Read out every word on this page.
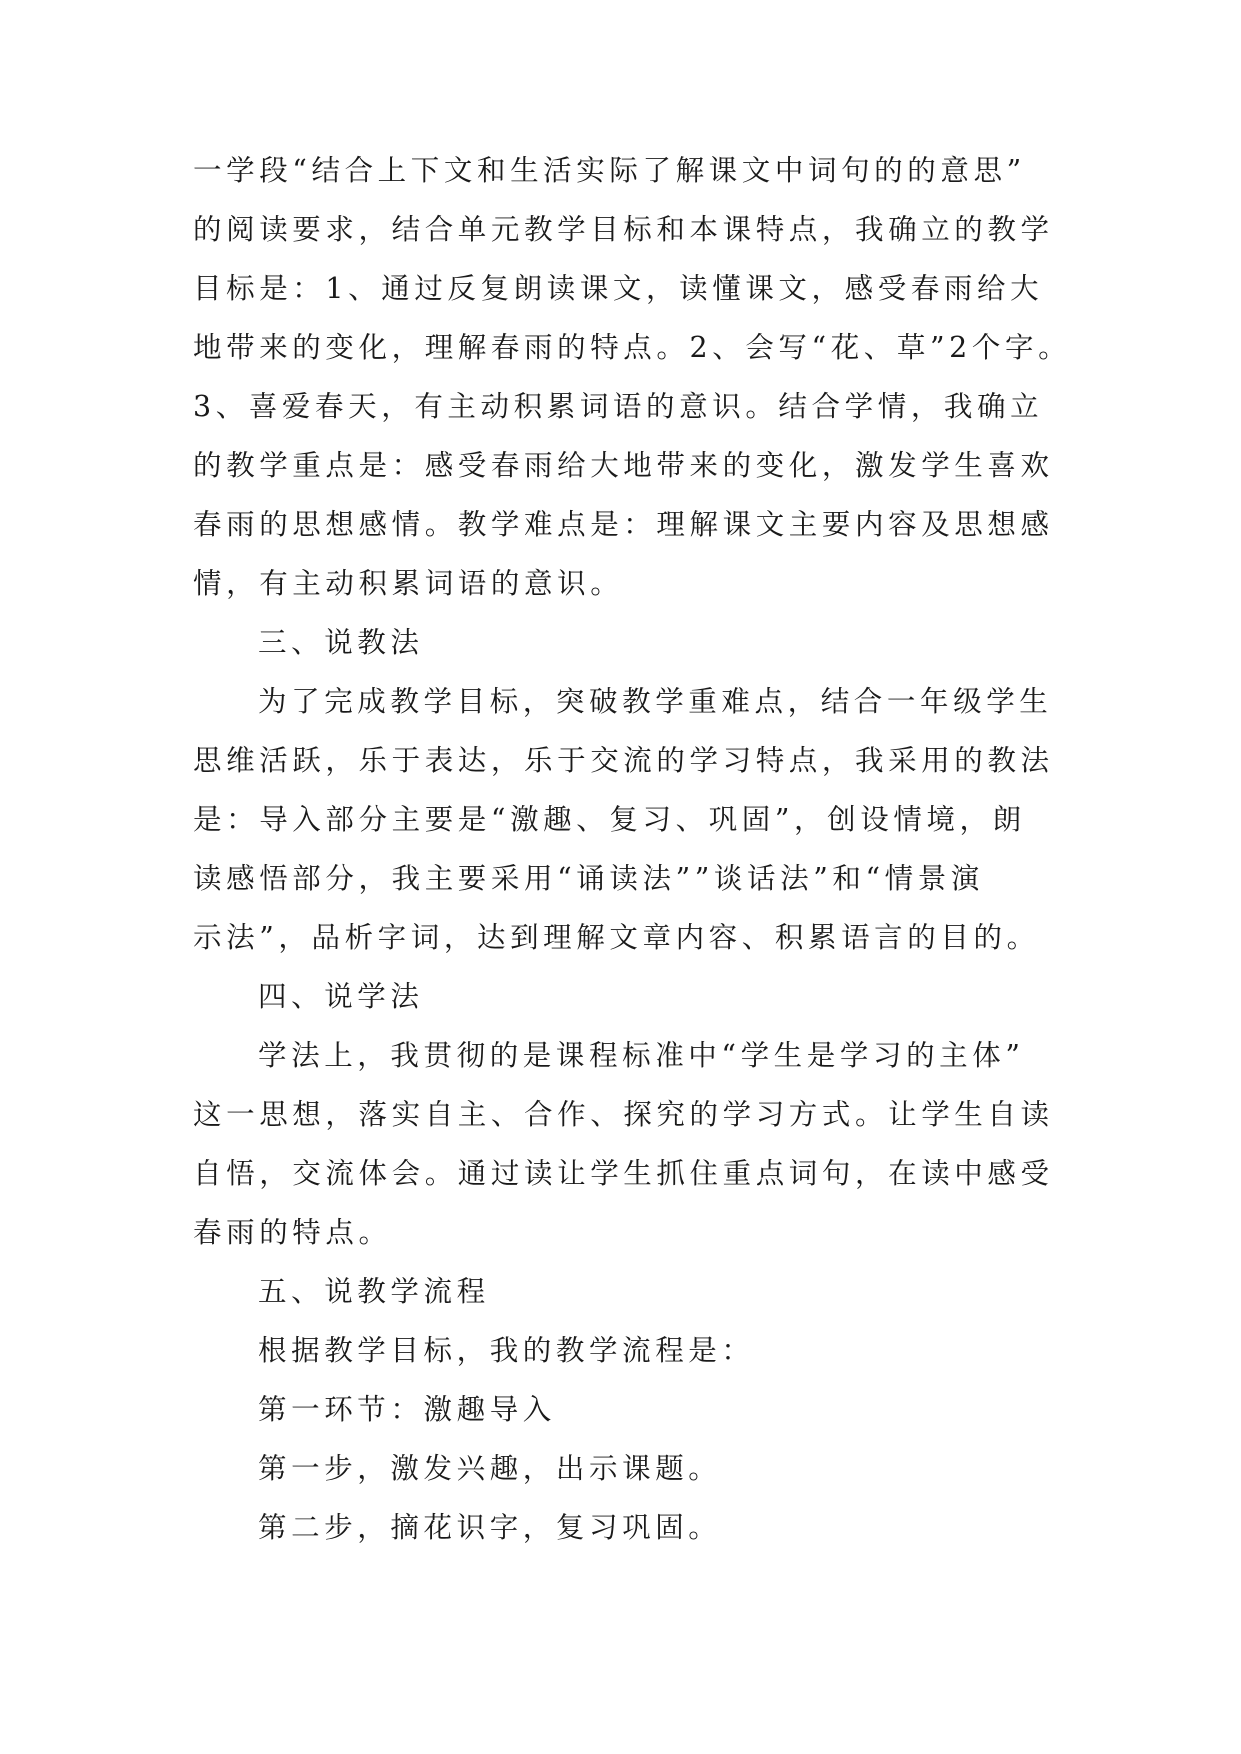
一学段“结合上下文和生活实际了解课文中词句的的意思”
的阅读要求，结合单元教学目标和本课特点，我确立的教学
目标是：1、通过反复朗读课文，读懂课文，感受春雨给大
地带来的变化，理解春雨的特点。2、会写“花、草”2个字。
3、喜爱春天，有主动积累词语的意识。结合学情，我确立
的教学重点是：感受春雨给大地带来的变化，激发学生喜欢
春雨的思想感情。教学难点是：理解课文主要内容及思想感
情，有主动积累词语的意识。
三、说教法
为了完成教学目标，突破教学重难点，结合一年级学生
思维活跃，乐于表达，乐于交流的学习特点，我采用的教法
是：导入部分主要是“激趣、复习、巩固”，创设情境，朗
读感悟部分，我主要采用“诵读法””谈话法”和“情景演
示法”，品析字词，达到理解文章内容、积累语言的目的。
四、说学法
学法上，我贯彻的是课程标准中“学生是学习的主体”
这一思想，落实自主、合作、探究的学习方式。让学生自读
自悟，交流体会。通过读让学生抓住重点词句，在读中感受
春雨的特点。
五、说教学流程
根据教学目标，我的教学流程是：
第一环节：激趣导入
第一步，激发兴趣，出示课题。
第二步，摘花识字，复习巩固。
